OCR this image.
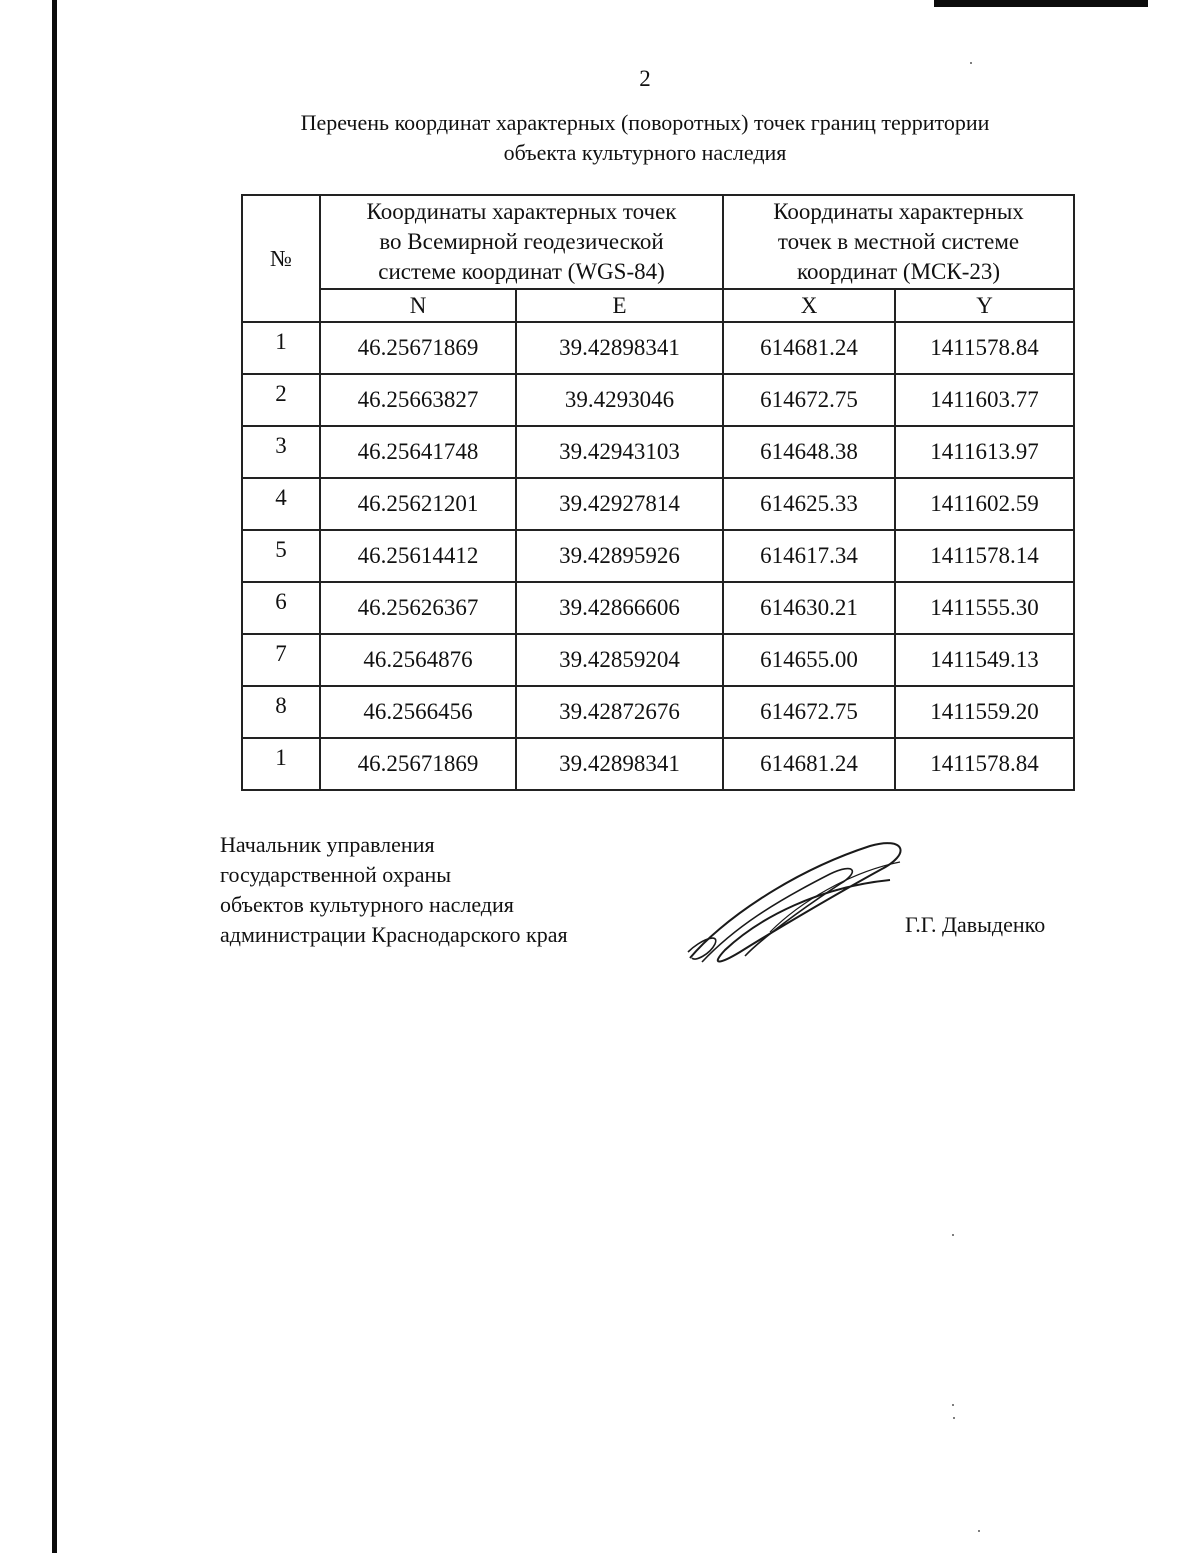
2
Перечень координат характерных (поворотных) точек границ территории
объекта культурного наследия
№	Координаты характерных точек во Всемирной геодезической системе координат (WGS-84)		Координаты характерных точек в местной системе координат (МСК-23)	

	N	E	X	Y
1	46.25671869	39.42898341	614681.24	1411578.84
2	46.25663827	39.4293046	614672.75	1411603.77
3	46.25641748	39.42943103	614648.38	1411613.97
4	46.25621201	39.42927814	614625.33	1411602.59
5	46.25614412	39.42895926	614617.34	1411578.14
6	46.25626367	39.42866606	614630.21	1411555.30
7	46.2564876	39.42859204	614655.00	1411549.13
8	46.2566456	39.42872676	614672.75	1411559.20
1	46.25671869	39.42898341	614681.24	1411578.84
Начальник управления
государственной охраны
объектов культурного наследия
администрации Краснодарского края	Г.Г. Давыденко
